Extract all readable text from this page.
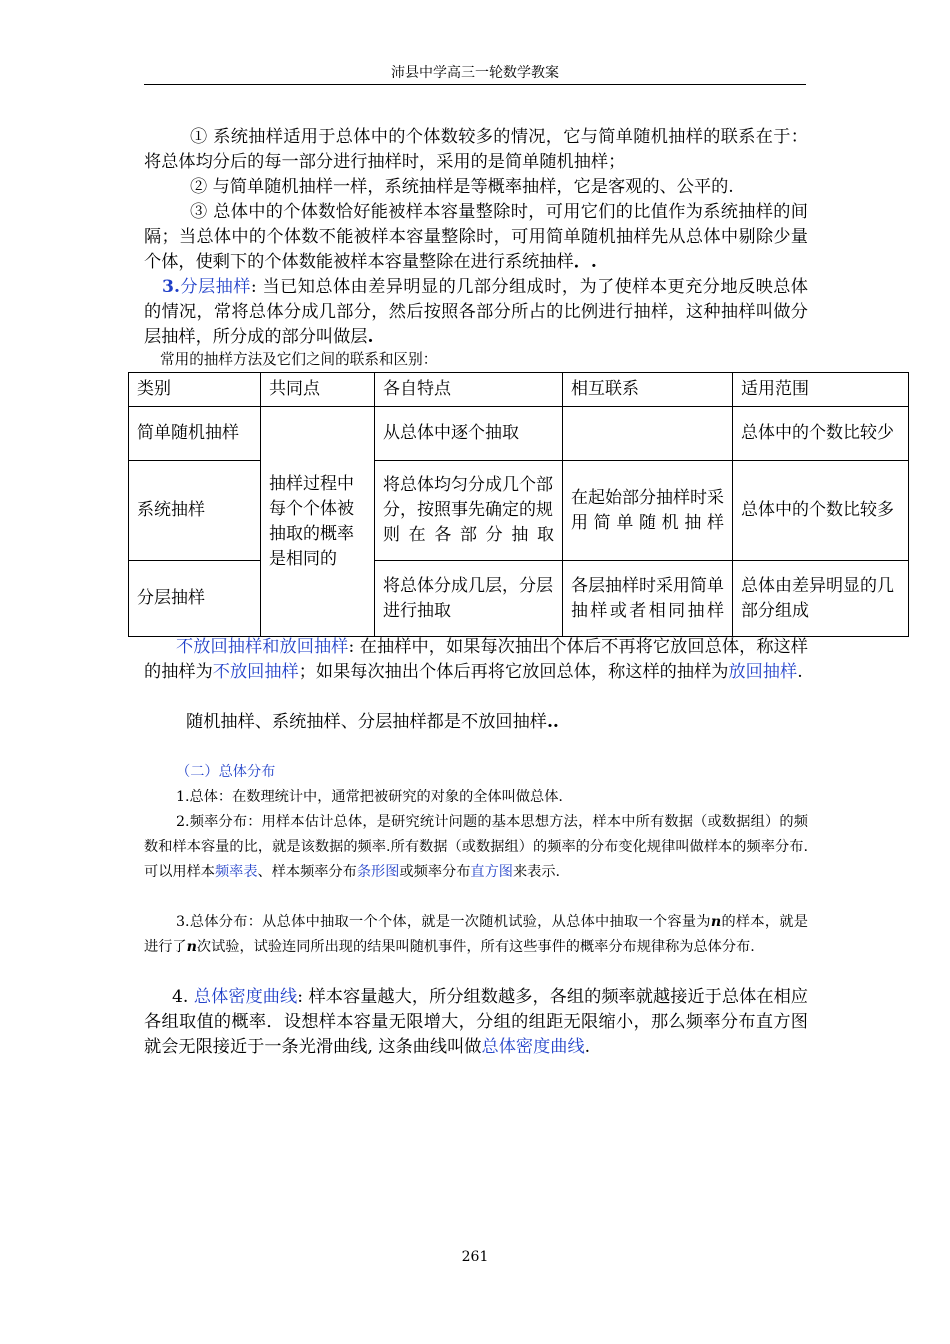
沛县中学高三一轮数学教案

① 系统抽样适用于总体中的个体数较多的情况，它与简单随机抽样的联系在于：将总体均分后的每一部分进行抽样时，采用的是简单随机抽样；

② 与简单随机抽样一样，系统抽样是等概率抽样，它是客观的、公平的.

③ 总体中的个体数恰好能被样本容量整除时，可用它们的比值作为系统抽样的间隔；当总体中的个体数不能被样本容量整除时，可用简单随机抽样先从总体中剔除少量个体，使剩下的个体数能被样本容量整除在进行系统抽样．.

3.分层抽样: 当已知总体由差异明显的几部分组成时，为了使样本更充分地反映总体的情况，常将总体分成几部分，然后按照各部分所占的比例进行抽样，这种抽样叫做分层抽样，所分成的部分叫做层.

常用的抽样方法及它们之间的联系和区别：
类别	共同点	各自特点	相互联系	适用范围
简单随机抽样	抽样过程中每个个体被抽取的概率是相同的	从总体中逐个抽取		总体中的个数比较少
系统抽样		将总体均匀分成几个部分，按照事先确定的规则在各部分抽取	在起始部分抽样时采用简单随机抽样	总体中的个数比较多
分层抽样		将总体分成几层，分层进行抽取	各层抽样时采用简单抽样或者相同抽样	总体由差异明显的几部分组成

不放回抽样和放回抽样: 在抽样中，如果每次抽出个体后不再将它放回总体，称这样的抽样为不放回抽样；如果每次抽出个体后再将它放回总体，称这样的抽样为放回抽样.

随机抽样、系统抽样、分层抽样都是不放回抽样..

（二）总体分布

1.总体：在数理统计中，通常把被研究的对象的全体叫做总体.

2.频率分布：用样本估计总体，是研究统计问题的基本思想方法，样本中所有数据（或数据组）的频数和样本容量的比，就是该数据的频率.所有数据（或数据组）的频率的分布变化规律叫做样本的频率分布.可以用样本频率表、样本频率分布条形图或频率分布直方图来表示.

3.总体分布：从总体中抽取一个个体，就是一次随机试验，从总体中抽取一个容量为n的样本，就是进行了n次试验，试验连同所出现的结果叫随机事件，所有这些事件的概率分布规律称为总体分布.

4. 总体密度曲线: 样本容量越大，所分组数越多，各组的频率就越接近于总体在相应各组取值的概率．设想样本容量无限增大，分组的组距无限缩小，那么频率分布直方图就会无限接近于一条光滑曲线, 这条曲线叫做总体密度曲线.

261
